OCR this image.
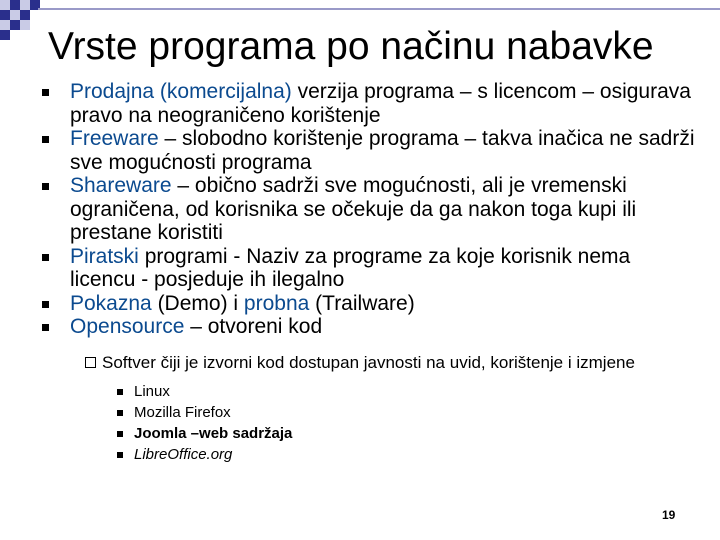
Vrste programa po načinu nabavke
Prodajna (komercijalna) verzija programa – s licencom – osigurava pravo na neograničeno korištenje
Freeware – slobodno korištenje programa – takva inačica ne sadrži sve mogućnosti programa
Shareware – obično sadrži sve mogućnosti, ali je vremenski ograničena, od korisnika se očekuje da ga nakon toga kupi ili prestane koristiti
Piratski programi - Naziv za programe za koje korisnik nema licencu - posjeduje ih ilegalno
Pokazna (Demo) i probna (Trailware)
Opensource – otvoreni kod
Softver čiji je izvorni kod dostupan javnosti na uvid, korištenje i izmjene
Linux
Mozilla Firefox
Joomla –web sadržaja
LibreOffice.org
19
